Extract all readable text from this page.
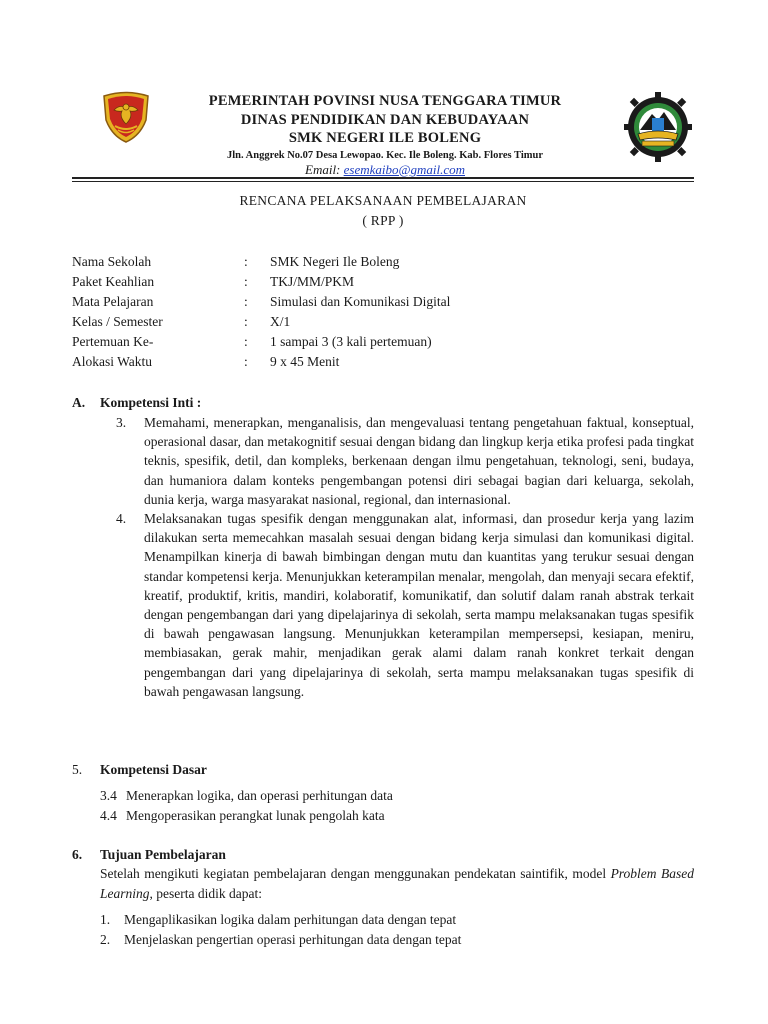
PEMERINTAH POVINSI NUSA TENGGARA TIMUR
DINAS PENDIDIKAN DAN KEBUDAYAAN
SMK NEGERI ILE BOLENG
Jln. Anggrek No.07 Desa Lewopao. Kec. Ile Boleng. Kab. Flores Timur
Email: esemkaibo@gmail.com
RENCANA PELAKSANAAN PEMBELAJARAN
( RPP )
Nama Sekolah	:	SMK Negeri Ile Boleng
Paket Keahlian	:	TKJ/MM/PKM
Mata Pelajaran	:	Simulasi dan Komunikasi Digital
Kelas / Semester	:	X/1
Pertemuan Ke-	:	1 sampai 3 (3 kali pertemuan)
Alokasi Waktu	:	9 x 45 Menit
A. Kompetensi Inti :
3.	Memahami, menerapkan, menganalisis, dan mengevaluasi tentang pengetahuan faktual, konseptual, operasional dasar, dan metakognitif sesuai dengan bidang dan lingkup kerja etika profesi pada tingkat teknis, spesifik, detil, dan kompleks, berkenaan dengan ilmu pengetahuan, teknologi, seni, budaya, dan humaniora dalam konteks pengembangan potensi diri sebagai bagian dari keluarga, sekolah, dunia kerja, warga masyarakat nasional, regional, dan internasional.
4.	Melaksanakan tugas spesifik dengan menggunakan alat, informasi, dan prosedur kerja yang lazim dilakukan serta memecahkan masalah sesuai dengan bidang kerja simulasi dan komunikasi digital. Menampilkan kinerja di bawah bimbingan dengan mutu dan kuantitas yang terukur sesuai dengan standar kompetensi kerja. Menunjukkan keterampilan menalar, mengolah, dan menyaji secara efektif, kreatif, produktif, kritis, mandiri, kolaboratif, komunikatif, dan solutif dalam ranah abstrak terkait dengan pengembangan dari yang dipelajarinya di sekolah, serta mampu melaksanakan tugas spesifik di bawah pengawasan langsung. Menunjukkan keterampilan mempersepsi, kesiapan, meniru, membiasakan, gerak mahir, menjadikan gerak alami dalam ranah konkret terkait dengan pengembangan dari yang dipelajarinya di sekolah, serta mampu melaksanakan tugas spesifik di bawah pengawasan langsung.
5. Kompetensi Dasar
3.4 Menerapkan logika, dan operasi perhitungan data
4.4 Mengoperasikan perangkat lunak pengolah kata
6. Tujuan Pembelajaran
Setelah mengikuti kegiatan pembelajaran dengan menggunakan pendekatan saintifik, model Problem Based Learning, peserta didik dapat:
1.	Mengaplikasikan logika dalam perhitungan data dengan tepat
2.	Menjelaskan pengertian operasi perhitungan data dengan tepat
